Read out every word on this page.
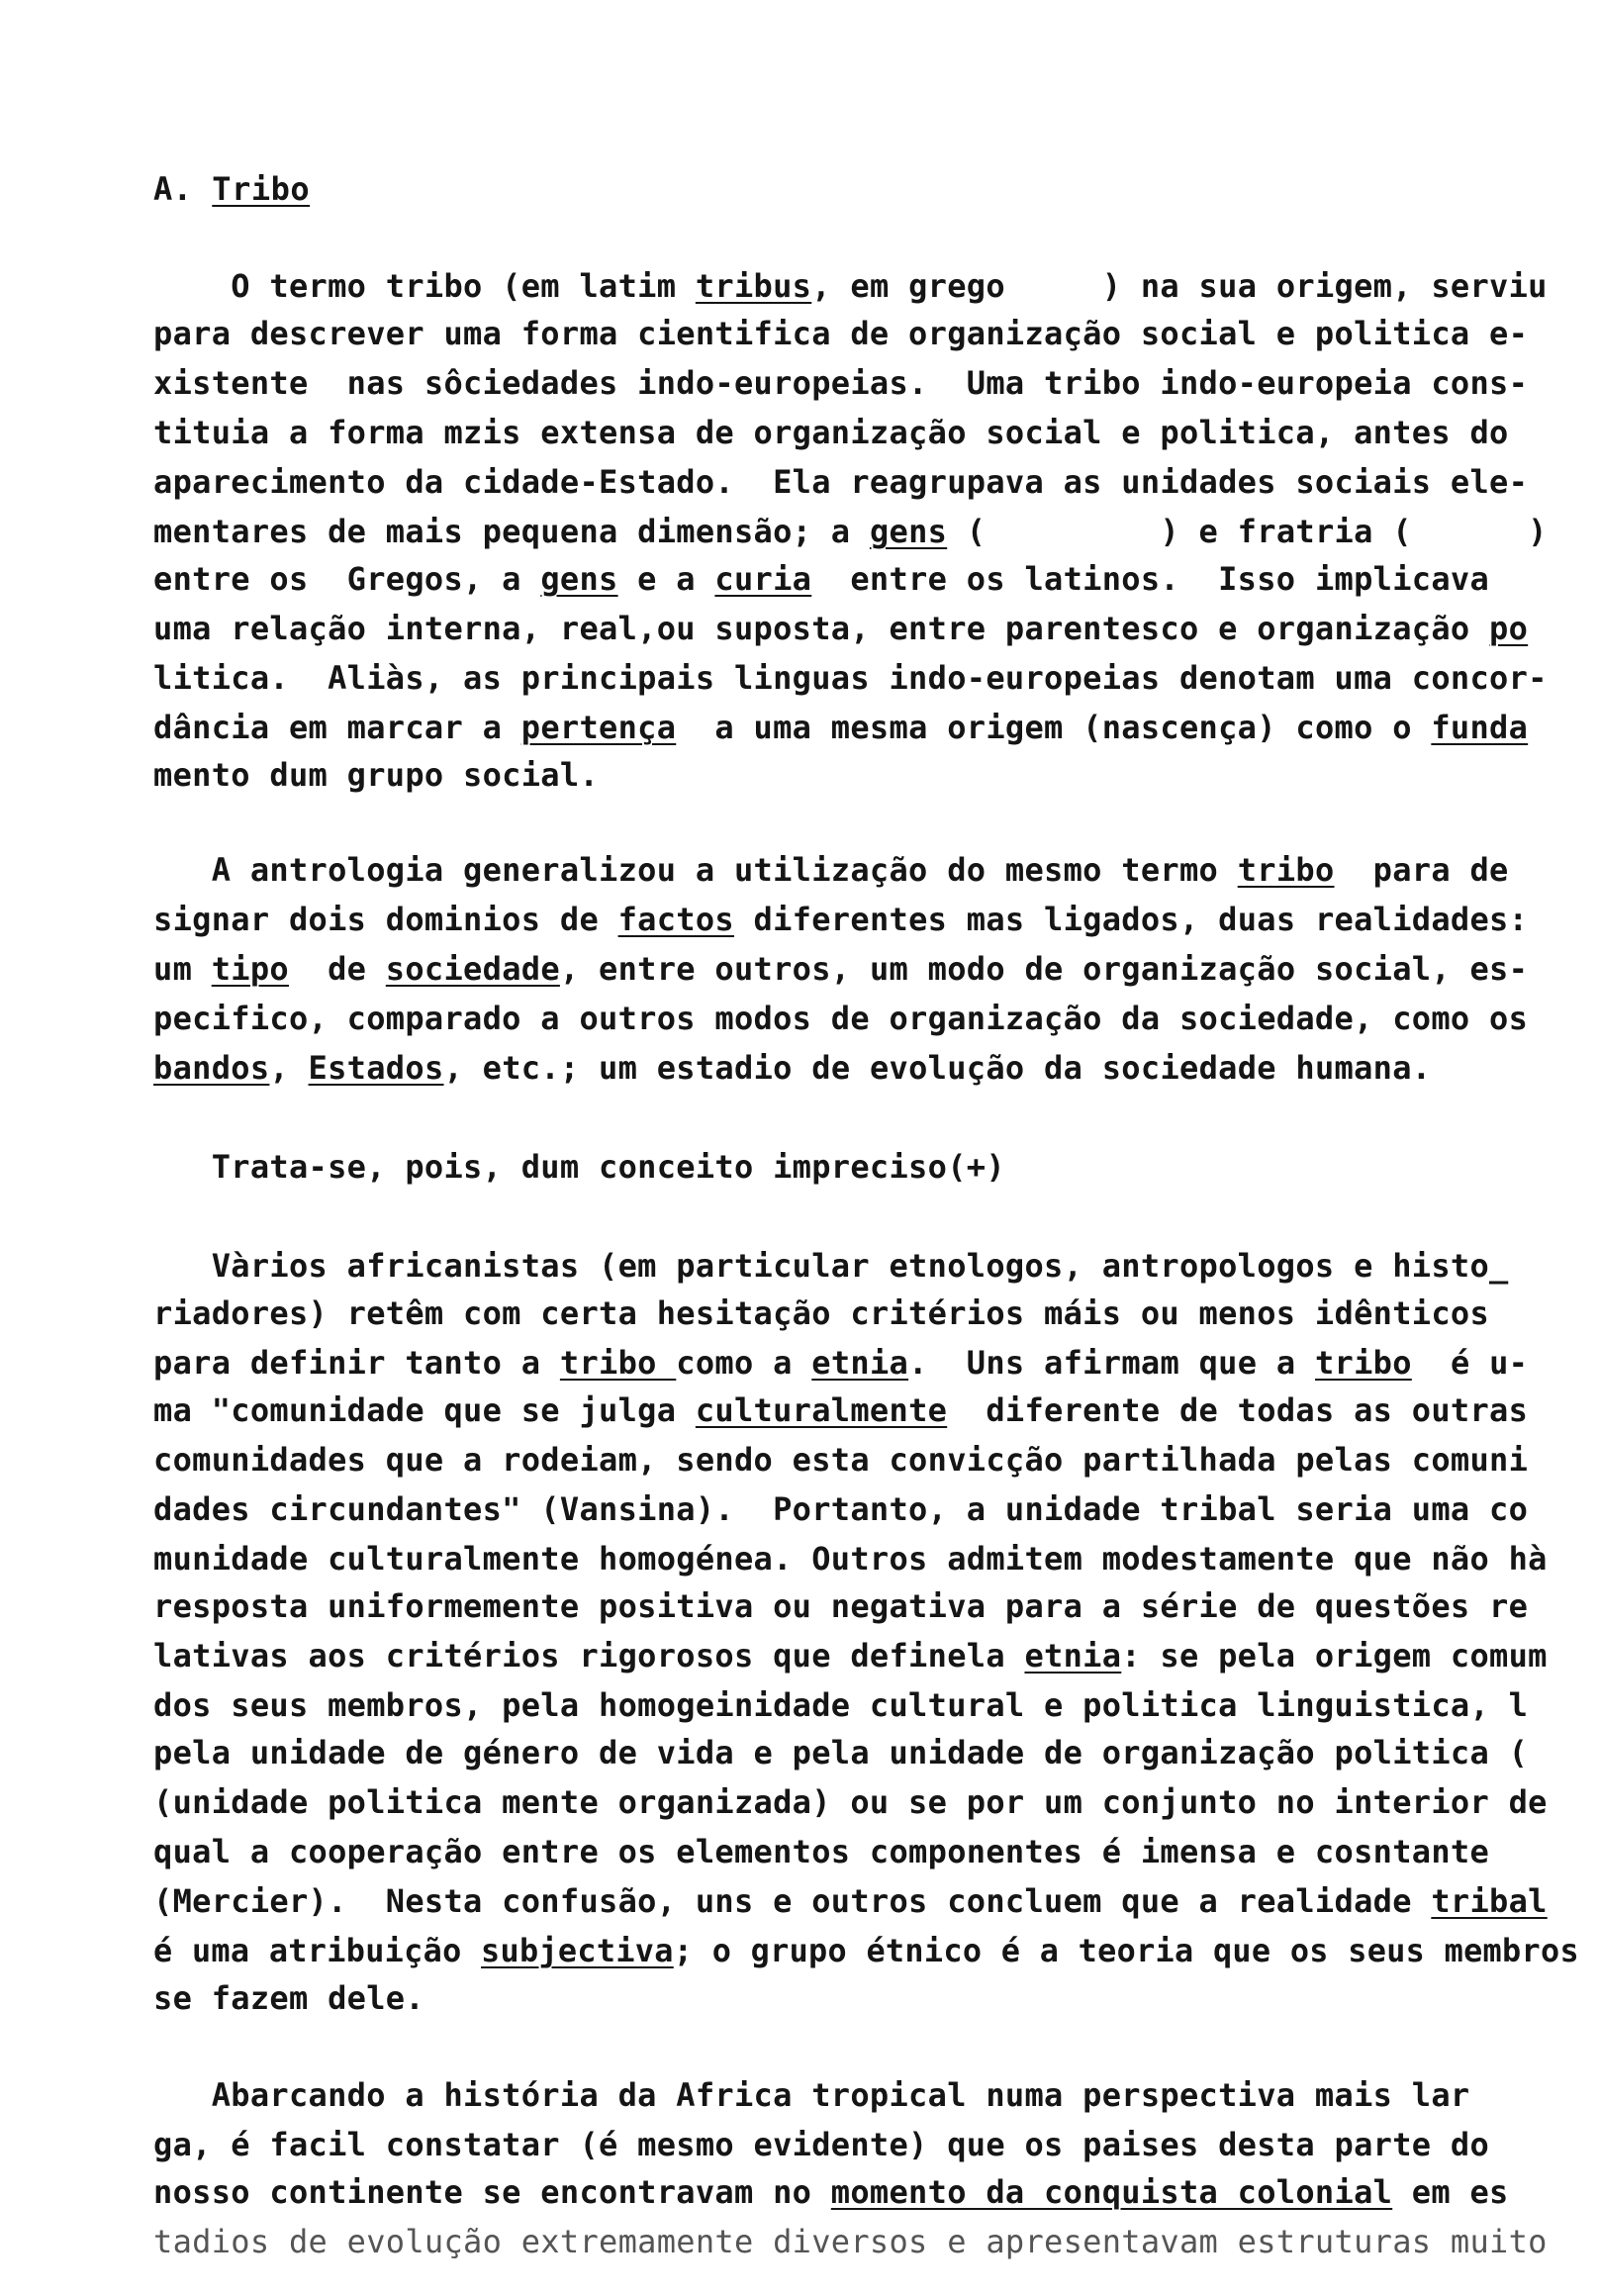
A. Tribo
O termo tribo (em latim tribus, em grego     ) na sua origem, serviu
para descrever uma forma cientifica de organização social e politica e-
xistente  nas sôciedades indo-europeias.  Uma tribo indo-europeia cons-
tituia a forma mzis extensa de organização social e politica, antes do
aparecimento da cidade-Estado.  Ela reagrupava as unidades sociais ele-
mentares de mais pequena dimensão; a gens (         ) e fratria (      )
entre os  Gregos, a gens e a curia  entre os latinos.  Isso implicava
uma relação interna, real,ou suposta, entre parentesco e organização po
litica.  Aliàs, as principais linguas indo-europeias denotam uma concor-
dância em marcar a pertença  a uma mesma origem (nascença) como o funda
mento dum grupo social.
A antrologia generalizou a utilização do mesmo termo tribo  para de
signar dois dominios de factos diferentes mas ligados, duas realidades:
um tipo  de sociedade, entre outros, um modo de organização social, es-
pecifico, comparado a outros modos de organização da sociedade, como os
bandos, Estados, etc.; um estadio de evolução da sociedade humana.
Trata-se, pois, dum conceito impreciso(+)
Vàrios africanistas (em particular etnologos, antropologos e histo_
riadores) retêm com certa hesitação critérios máis ou menos idênticos
para definir tanto a tribo como a etnia.  Uns afirmam que a tribo  é u-
ma "comunidade que se julga culturalmente  diferente de todas as outras
comunidades que a rodeiam, sendo esta convicção partilhada pelas comuni
dades circundantes" (Vansina).  Portanto, a unidade tribal seria uma co
munidade culturalmente homogénea. Outros admitem modestamente que não hà
resposta uniformemente positiva ou negativa para a série de questões re
lativas aos critérios rigorosos que definela etnia: se pela origem comum
dos seus membros, pela homogeinidade cultural e politica linguistica, l
pela unidade de género de vida e pela unidade de organização politica (
(unidade politica mente organizada) ou se por um conjunto no interior de
qual a cooperação entre os elementos componentes é imensa e cosntante
(Mercier).  Nesta confusão, uns e outros concluem que a realidade tribal
é uma atribuição subjectiva; o grupo étnico é a teoria que os seus membros
se fazem dele.
Abarcando a história da Africa tropical numa perspectiva mais lar
ga, é facil constatar (é mesmo evidente) que os paises desta parte do
nosso continente se encontravam no momento da conquista colonial em es
tadios de evolução extremamente diversos e apresentavam estruturas muito
